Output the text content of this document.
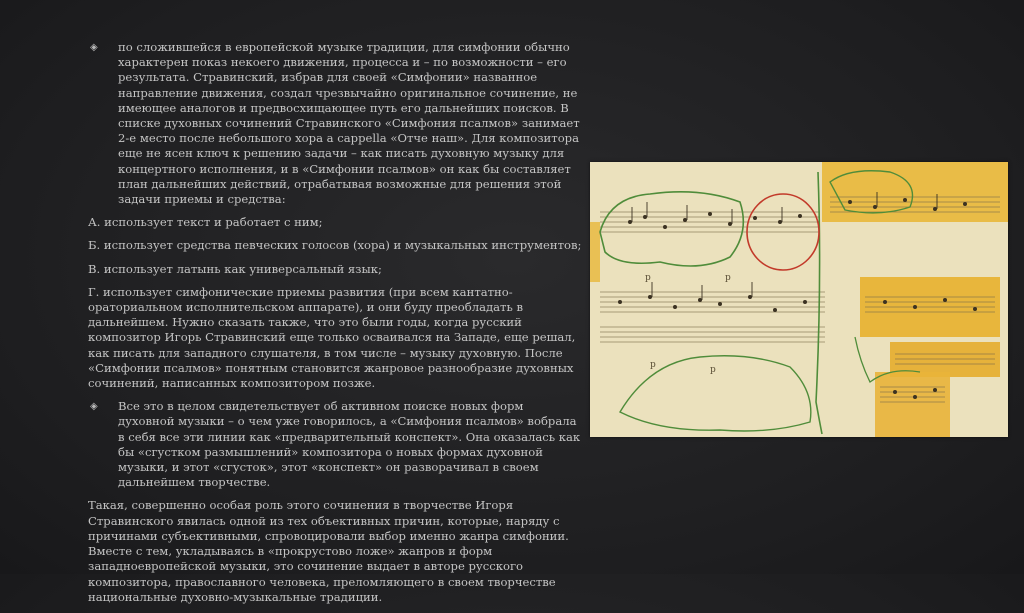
◈ по сложившейся в европейской музыке традиции, для симфонии обычно характерен показ некоего движения, процесса и – по возможности – его результата. Стравинский, избрав для своей «Симфонии» названное направление движения, создал чрезвычайно оригинальное сочинение, не имеющее аналогов и предвосхищающее путь его дальнейших поисков. В списке духовных сочинений Стравинского «Симфония псалмов» занимает 2-е место после небольшого хора a cappella «Отче наш». Для композитора еще не ясен ключ к решению задачи – как писать духовную музыку для концертного исполнения, и в «Симфонии псалмов» он как бы составляет план дальнейших действий, отрабатывая возможные для решения этой задачи приемы и средства:

А. использует текст и работает с ним;

Б. использует средства певческих голосов (хора) и музыкальных инструментов;

В. использует латынь как универсальный язык;

Г. использует симфонические приемы развития (при всем кантатно-ораториальном исполнительском аппарате), и они буду преобладать в дальнейшем. Нужно сказать также, что это были годы, когда русский композитор Игорь Стравинский еще только осваивался на Западе, еще решал, как писать для западного слушателя, в том числе – музыку духовную. После «Симфонии псалмов» понятным становится жанровое разнообразие духовных сочинений, написанных композитором позже.

◈ Все это в целом свидетельствует об активном поиске новых форм духовной музыки – о чем уже говорилось, а «Симфония псалмов» вобрала в себя все эти линии как «предварительный конспект». Она оказалась как бы «сгустком размышлений» композитора о новых формах духовной музыки, и этот «сгусток», этот «конспект» он разворачивал в своем дальнейшем творчестве.

Такая, совершенно особая роль этого сочинения в творчестве Игоря Стравинского явилась одной из тех объективных причин, которые, наряду с причинами субъективными, спровоцировали выбор именно жанра симфонии. Вместе с тем, укладываясь в «прокрустово ложе» жанров и форм западноевропейской музыки, это сочинение выдает в авторе русского композитора, православного человека, преломляющего в своем творчестве национальные духовно-музыкальные традиции.

p	p
p	p
